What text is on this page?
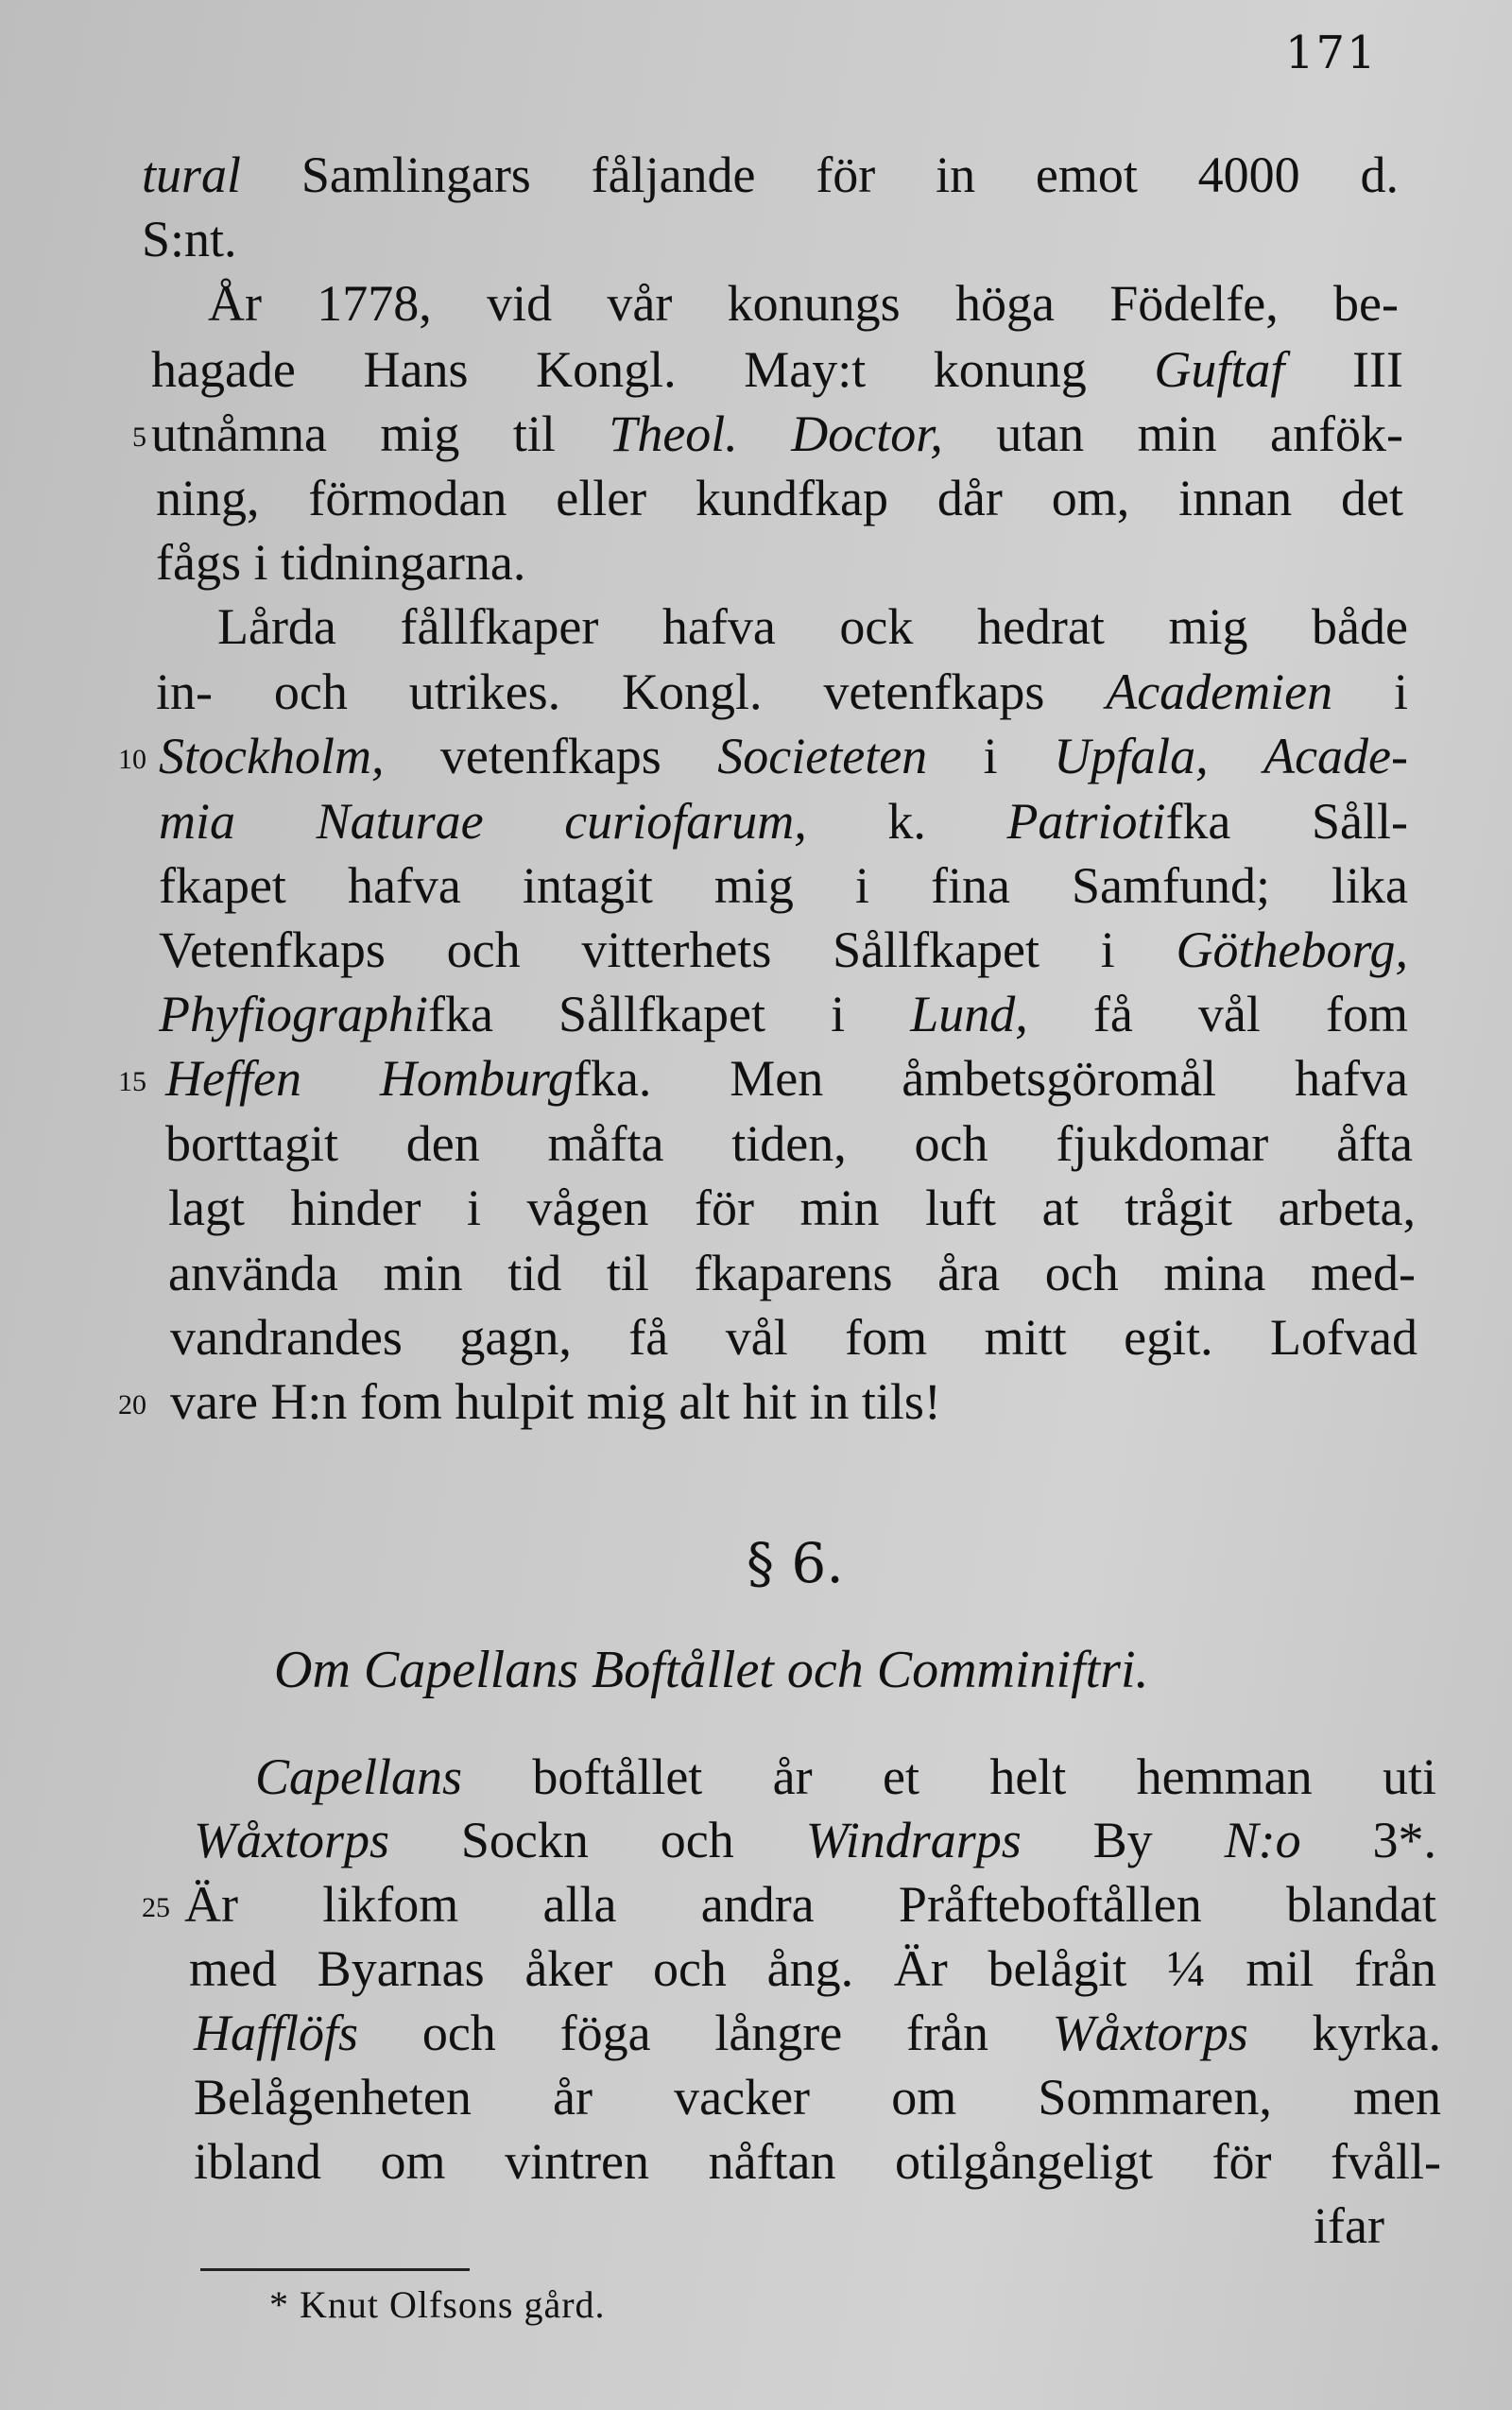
171
tural Samlingars fåljande för in emot 4000 d.
S:nt.
År 1778, vid vår konungs höga Födelfe, be-
hagade Hans Kongl. May:t konung Guftaf III
utnåmna mig til Theol. Doctor, utan min anfök-
ning, förmodan eller kundfkap dår om, innan det
fågs i tidningarna.
Lårda fållfkaper hafva ock hedrat mig både
in- och utrikes. Kongl. vetenfkaps Academien i
Stockholm, vetenfkaps Societeten i Upfala, Acade-
mia Naturae curiofarum, k. Patriotifka Såll-
fkapet hafva intagit mig i fina Samfund; lika
Vetenfkaps och vitterhets Sållfkapet i Götheborg,
Phyfiographifka Sållfkapet i Lund, få vål fom
Heffen Homburgfka. Men åmbetsgöromål hafva
borttagit den måfta tiden, och fjukdomar åfta
lagt hinder i vågen för min luft at trågit arbeta,
använda min tid til fkaparens åra och mina med-
vandrandes gagn, få vål fom mitt egit. Lofvad
vare H:n fom hulpit mig alt hit in tils!
5
10
15
20
25
§ 6.
Om Capellans Boftållet och Comminiftri.
Capellans boftållet år et helt hemman uti
Wåxtorps Sockn och Windrarps By N:o 3*.
Är likfom alla andra Pråfteboftållen blandat
med Byarnas åker och ång. Är belågit ¼ mil från
Hafflöfs och föga långre från Wåxtorps kyrka.
Belågenheten år vacker om Sommaren, men
ibland om vintren nåftan otilgångeligt för fvåll-
ifar
* Knut Olfsons gård.
